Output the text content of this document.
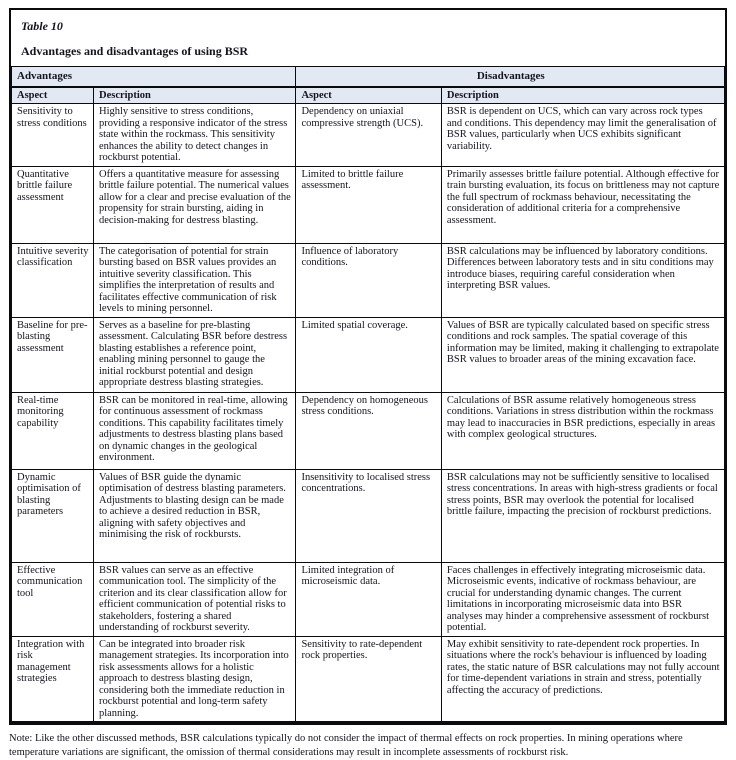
Table 10
Advantages and disadvantages of using BSR
Advantages		Disadvantages	
Aspect	Description	Aspect	Description
Sensitivity to stress conditions	Highly sensitive to stress conditions, providing a responsive indicator of the stress state within the rockmass. This sensitivity enhances the ability to detect changes in rockburst potential.	Dependency on uniaxial compressive strength (UCS).	BSR is dependent on UCS, which can vary across rock types and conditions. This dependency may limit the generalisation of BSR values, particularly when UCS exhibits significant variability.
Quantitative brittle failure assessment	Offers a quantitative measure for assessing brittle failure potential. The numerical values allow for a clear and precise evaluation of the propensity for strain bursting, aiding in decision-making for destress blasting.	Limited to brittle failure assessment.	Primarily assesses brittle failure potential. Although effective for train bursting evaluation, its focus on brittleness may not capture the full spectrum of rockmass behaviour, necessitating the consideration of additional criteria for a comprehensive assessment.
Intuitive severity classification	The categorisation of potential for strain bursting based on BSR values provides an intuitive severity classification. This simplifies the interpretation of results and facilitates effective communication of risk levels to mining personnel.	Influence of laboratory conditions.	BSR calculations may be influenced by laboratory conditions. Differences between laboratory tests and in situ conditions may introduce biases, requiring careful consideration when interpreting BSR values.
Baseline for pre-blasting assessment	Serves as a baseline for pre-blasting assessment. Calculating BSR before destress blasting establishes a reference point, enabling mining personnel to gauge the initial rockburst potential and design appropriate destress blasting strategies.	Limited spatial coverage.	Values of BSR are typically calculated based on specific stress conditions and rock samples. The spatial coverage of this information may be limited, making it challenging to extrapolate BSR values to broader areas of the mining excavation face.
Real-time monitoring capability	BSR can be monitored in real-time, allowing for continuous assessment of rockmass conditions. This capability facilitates timely adjustments to destress blasting plans based on dynamic changes in the geological environment.	Dependency on homogeneous stress conditions.	Calculations of BSR assume relatively homogeneous stress conditions. Variations in stress distribution within the rockmass may lead to inaccuracies in BSR predictions, especially in areas with complex geological structures.
Dynamic optimisation of blasting parameters	Values of BSR guide the dynamic optimisation of destress blasting parameters. Adjustments to blasting design can be made to achieve a desired reduction in BSR, aligning with safety objectives and minimising the risk of rockbursts.	Insensitivity to localised stress concentrations.	BSR calculations may not be sufficiently sensitive to localised stress concentrations. In areas with high-stress gradients or focal stress points, BSR may overlook the potential for localised brittle failure, impacting the precision of rockburst predictions.
Effective communication tool	BSR values can serve as an effective communication tool. The simplicity of the criterion and its clear classification allow for efficient communication of potential risks to stakeholders, fostering a shared understanding of rockburst severity.	Limited integration of microseismic data.	Faces challenges in effectively integrating microseismic data. Microseismic events, indicative of rockmass behaviour, are crucial for understanding dynamic changes. The current limitations in incorporating microseismic data into BSR analyses may hinder a comprehensive assessment of rockburst potential.
Integration with risk management strategies	Can be integrated into broader risk management strategies. Its incorporation into risk assessments allows for a holistic approach to destress blasting design, considering both the immediate reduction in rockburst potential and long-term safety planning.	Sensitivity to rate-dependent rock properties.	May exhibit sensitivity to rate-dependent rock properties. In situations where the rock's behaviour is influenced by loading rates, the static nature of BSR calculations may not fully account for time-dependent variations in strain and stress, potentially affecting the accuracy of predictions.
Note: Like the other discussed methods, BSR calculations typically do not consider the impact of thermal effects on rock properties. In mining operations where temperature variations are significant, the omission of thermal considerations may result in incomplete assessments of rockburst risk.
